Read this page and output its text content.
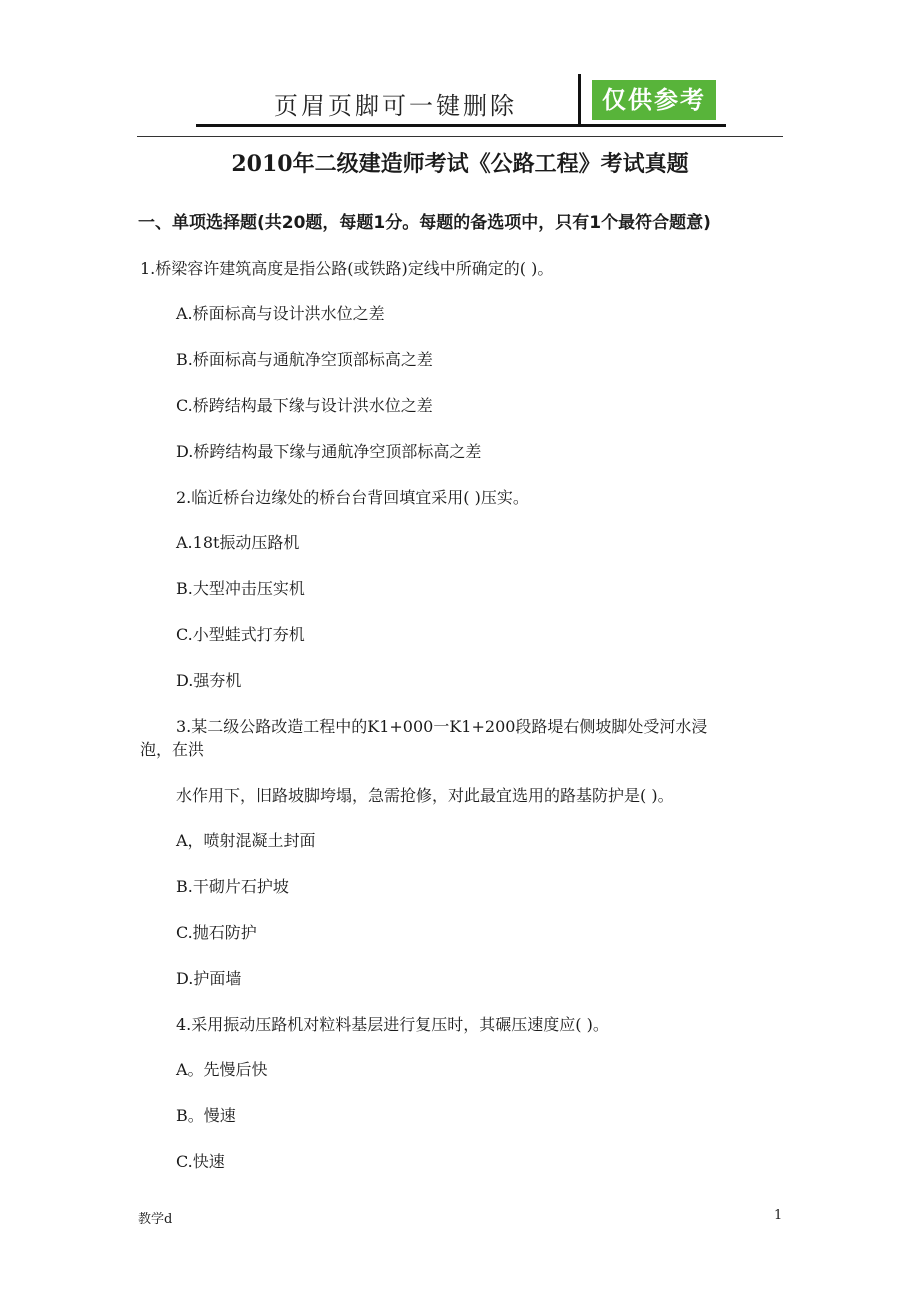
页眉页脚可一键删除	仅供参考
2010年二级建造师考试《公路工程》考试真题
一、单项选择题(共20题，每题1分。每题的备选项中，只有1个最符合题意)
1.桥梁容许建筑高度是指公路(或铁路)定线中所确定的( )。
A.桥面标高与设计洪水位之差
B.桥面标高与通航净空顶部标高之差
C.桥跨结构最下缘与设计洪水位之差
D.桥跨结构最下缘与通航净空顶部标高之差
2.临近桥台边缘处的桥台台背回填宜采用( )压实。
A.18t振动压路机
B.大型冲击压实机
C.小型蛙式打夯机
D.强夯机
3.某二级公路改造工程中的K1+000一K1+200段路堤右侧坡脚处受河水浸
泡，在洪
水作用下，旧路坡脚垮塌，急需抢修，对此最宜选用的路基防护是( )。
A，喷射混凝土封面
B.干砌片石护坡
C.抛石防护
D.护面墙
4.采用振动压路机对粒料基层进行复压时，其碾压速度应( )。
A。先慢后快
B。慢速
C.快速
教学d	1
